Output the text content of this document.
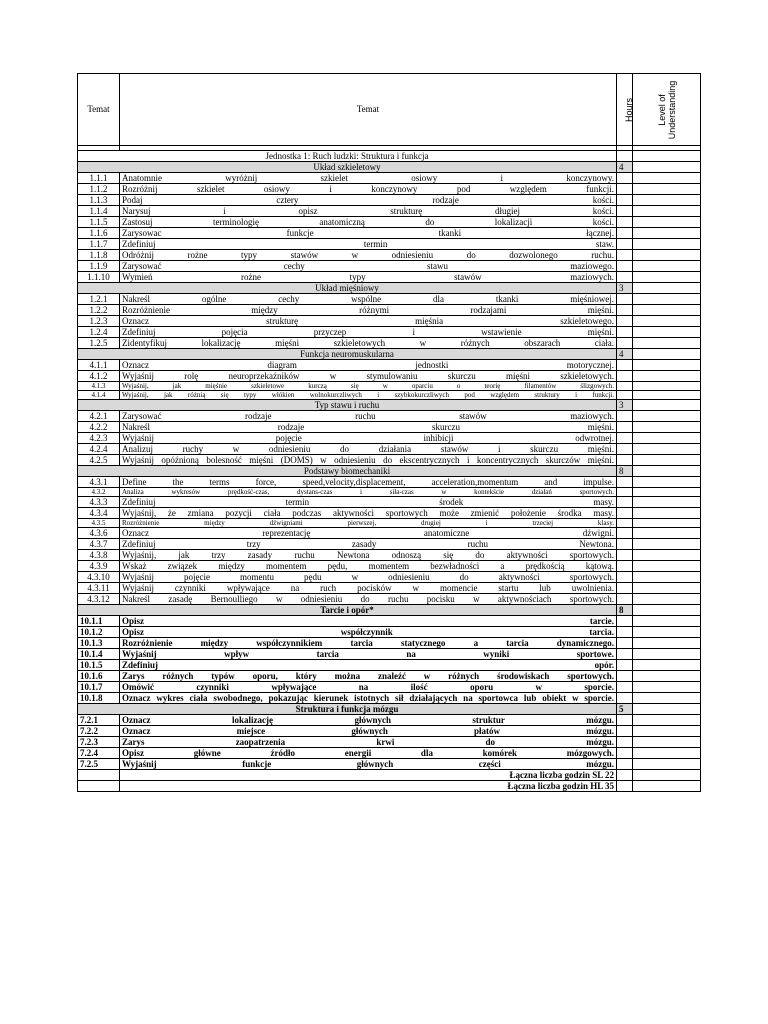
Temat	Temat	Hours	Level of Understanding

Jednostka 1: Ruch ludzki: Struktura i funkcja			
Układ szkieletowy		4	
1.1.1	Anatomnie wyróżnij szkielet osiowy i konczynowy.		
1.1.2	Rozróżnij szkielet osiowy i konczynowy pod względem funkcji.		
1.1.3	Podaj cztery rodzaje kości.		
1.1.4	Narysuj i opisz strukturę długiej kości.		
1.1.5	Zastosuj terminologię anatomiczną do lokalizacji kości.		
1.1.6	Zarysowac funkcje tkanki łącznej.		
1.1.7	Zdefiniuj termin staw.		
1.1.8	Odróżnij rożne typy stawów w odniesieniu do dozwolonego ruchu.		
1.1.9	Zarysować cechy stawu maziowego.		
1.1.10	Wymień rożne typy stawów maziowych.		
Układ mięśniowy		3	
1.2.1	Nakreśl ogólne cechy wspólne dla tkanki mięśniowej.		
1.2.2	Rozróżnienie między różnymi rodzajami mięśni.		
1.2.3	Oznacz strukturę mięśnia szkieletowego.		
1.2.4	Zdefiniuj pojęcia przyczep i wstawienie mięśni.		
1.2.5	Zidentyfikuj lokalizację mięśni szkieletowych w różnych obszarach ciała.		
Funkcja neuromuskularna		4	
4.1.1	Oznacz diagram jednostki motorycznej.		
4.1.2	Wyjaśnij rolę neuroprzekaźników w stymulowaniu skurczu mięśni szkieletowych.		
4.1.3	Wyjaśnij, jak mięśnie szkieletowe kurczą się w oparciu o teorię filamentów ślizgowych.		
4.1.4	Wyjaśnij, jak różnią się typy włókien wolnokurczliwych i szybkokurczliwych pod względem struktury i funkcji.		
Typ stawu i ruchu		3	
4.2.1	Zarysować rodzaje ruchu stawów maziowych.		
4.2.2	Nakreśl rodzaje skurczu mięśni.		
4.2.3	Wyjaśnij pojęcie inhibicji odwrotnej.		
4.2.4	Analizuj ruchy w odniesieniu do działania stawów i skurczu mięśni.		
4.2.5	Wyjaśnij opóźnioną bolesność mięśni (DOMS) w odniesieniu do ekscentrycznych i koncentrycznych skurczów mięśni.		
Podstawy biomechaniki		8	
4.3.1	Define the terms force, speed,velocity,displacement, acceleration,momentum and impulse.		
4.3.2	Analiza wykresów prędkość-czas, dystans-czas i siła-czas w kontekście działań sportowych.		
4.3.3	Zdefiniuj termin środek masy.		
4.3.4	Wyjaśnij, że zmiana pozycji ciała podczas aktywności sportowych może zmienić położenie środka masy.		
4.3.5	Rozróżnienie między dźwigniami pierwszej, drugiej i trzeciej klasy.		
4.3.6	Oznacz reprezentację anatomiczne dźwigni.		
4.3.7	Zdefiniuj trzy zasady ruchu Newtona.		
4.3.8	Wyjaśnij, jak trzy zasady ruchu Newtona odnoszą się do aktywności sportowych.		
4.3.9	Wskaż związek między momentem pędu, momentem bezwładności a prędkością kątową.		
4.3.10	Wyjaśnij pojęcie momentu pędu w odniesieniu do aktywności sportowych.		
4.3.11	Wyjaśnij czynniki wpływające na ruch pocisków w momencie startu lub uwolnienia.		
4.3.12	Nakreśl zasadę Bernoulliego w odniesieniu do ruchu pocisku w aktywnościach sportowych.		
Tarcie i opór*		8	
10.1.1	Opisz tarcie.		
10.1.2	Opisz współczynnik tarcia.		
10.1.3	Rozróżnienie między współczynnikiem tarcia statycznego a tarcia dynamicznego.		
10.1.4	Wyjaśnij wpływ tarcia na wyniki sportowe.		
10.1.5	Zdefiniuj opór.		
10.1.6	Zarys różnych typów oporu, który można znaleźć w różnych środowiskach sportowych.		
10.1.7	Omówić czynniki wpływające na ilość oporu w sporcie.		
10.1.8	Oznacz wykres ciała swobodnego, pokazując kierunek istotnych sił działających na sportowca lub obiekt w sporcie.		
Struktura i funkcja mózgu		5	
7.2.1	Oznacz lokalizację głównych struktur mózgu.		
7.2.2	Oznacz miejsce głównych płatów mózgu.		
7.2.3	Zarys zaopatrzenia krwi do mózgu.		
7.2.4	Opisz główne źródło energii dla komórek mózgowych.		
7.2.5	Wyjaśnij funkcje głównych części mózgu.		
	Łączna liczba godzin SL 22		
	Łączna liczba godzin HL 35		
